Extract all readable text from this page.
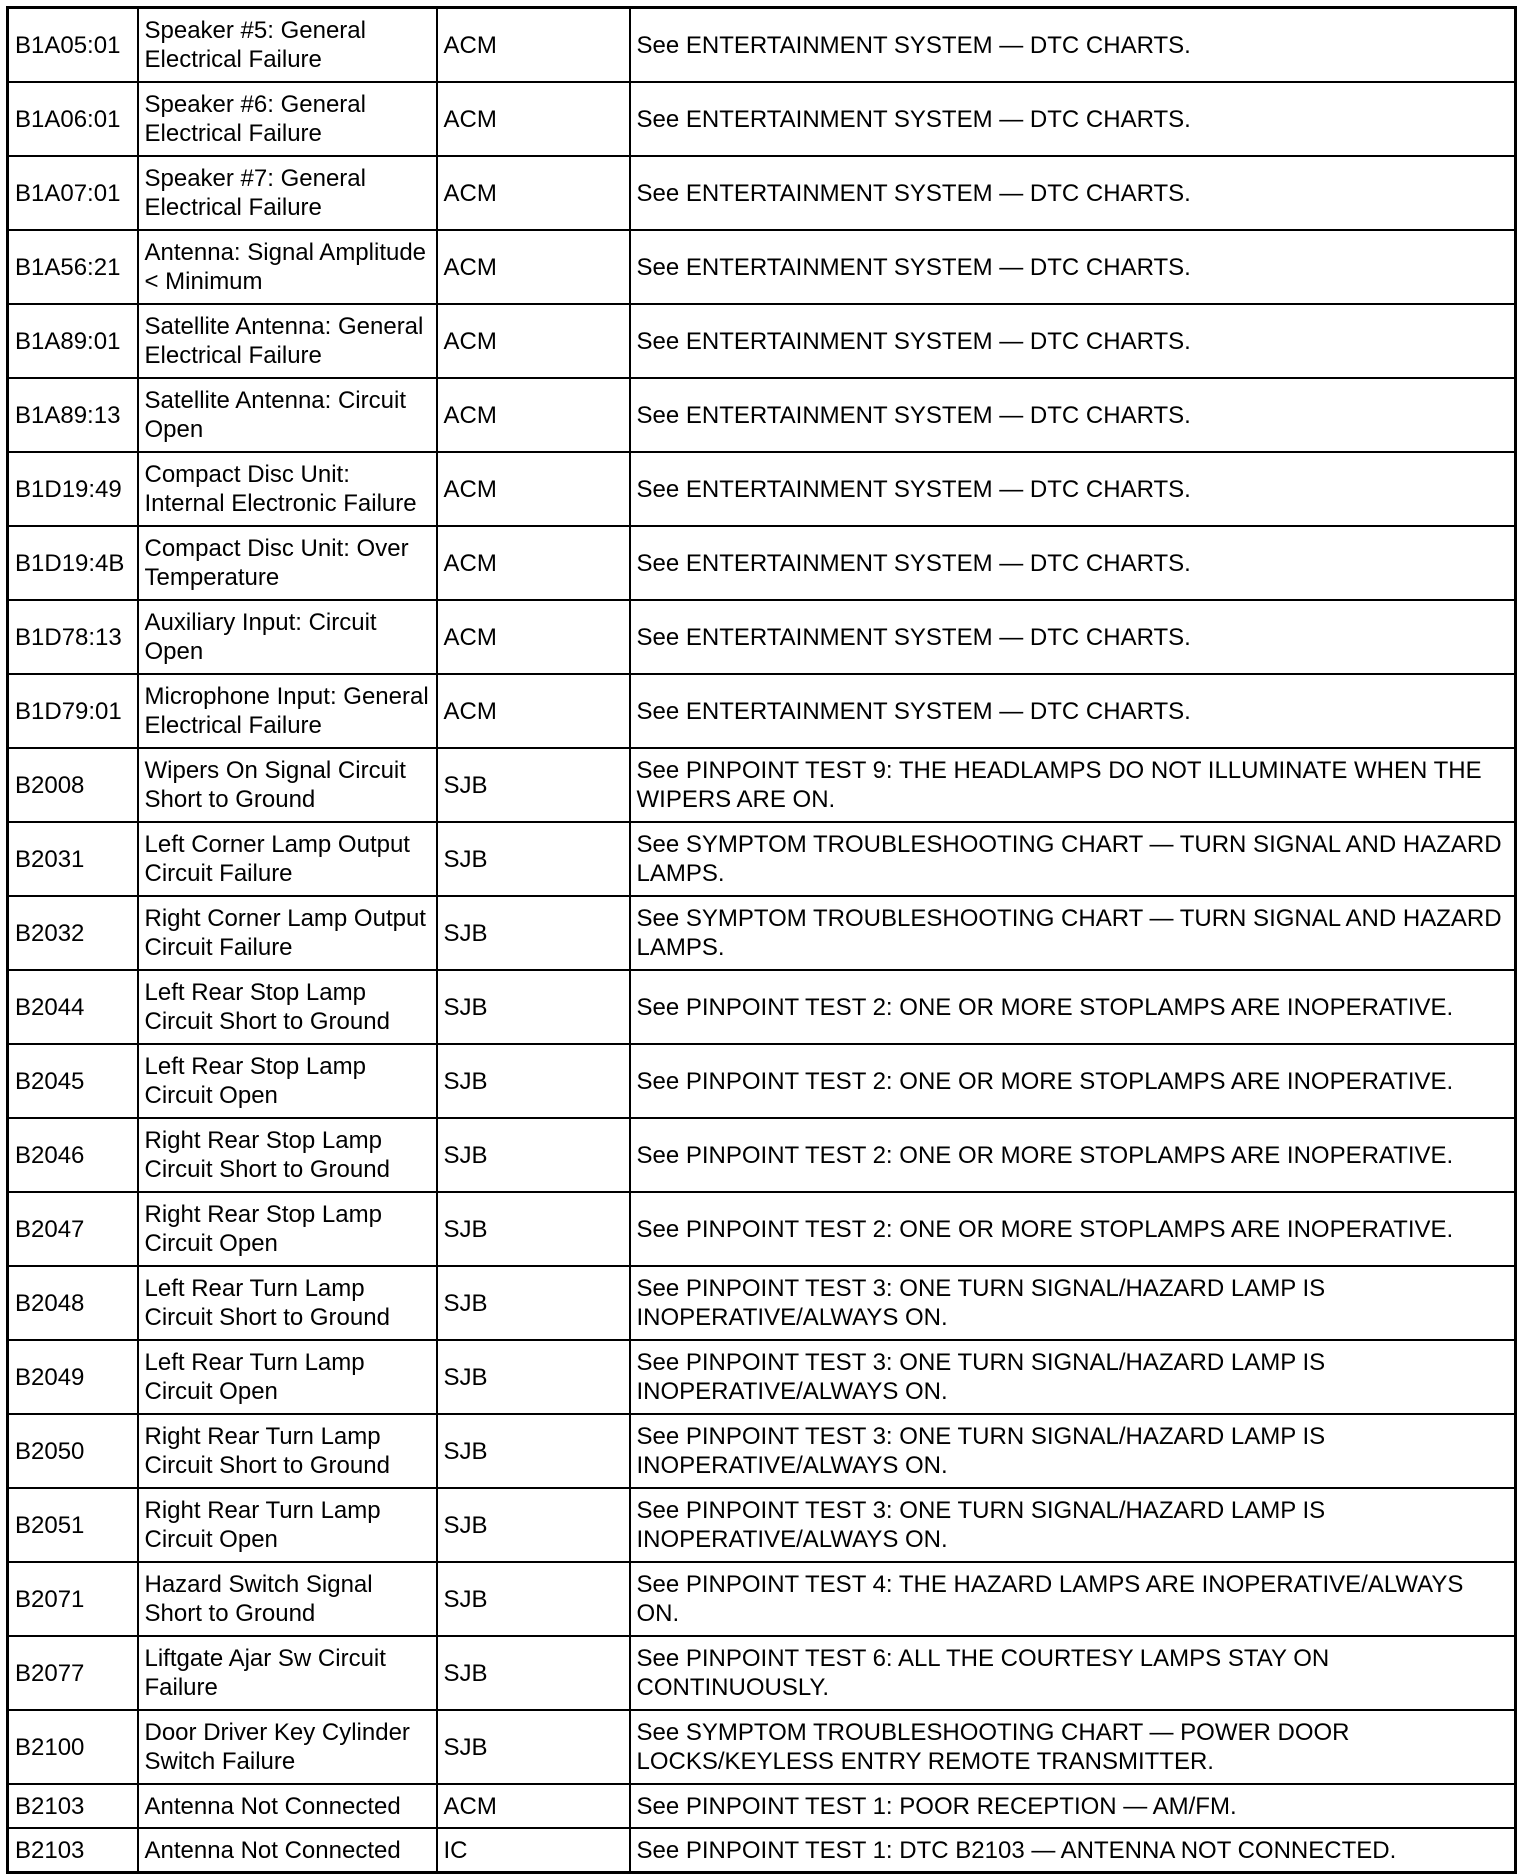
B1A05:01	Speaker #5: General Electrical Failure	ACM	See ENTERTAINMENT SYSTEM — DTC CHARTS.
B1A06:01	Speaker #6: General Electrical Failure	ACM	See ENTERTAINMENT SYSTEM — DTC CHARTS.
B1A07:01	Speaker #7: General Electrical Failure	ACM	See ENTERTAINMENT SYSTEM — DTC CHARTS.
B1A56:21	Antenna: Signal Amplitude < Minimum	ACM	See ENTERTAINMENT SYSTEM — DTC CHARTS.
B1A89:01	Satellite Antenna: General Electrical Failure	ACM	See ENTERTAINMENT SYSTEM — DTC CHARTS.
B1A89:13	Satellite Antenna: Circuit Open	ACM	See ENTERTAINMENT SYSTEM — DTC CHARTS.
B1D19:49	Compact Disc Unit: Internal Electronic Failure	ACM	See ENTERTAINMENT SYSTEM — DTC CHARTS.
B1D19:4B	Compact Disc Unit: Over Temperature	ACM	See ENTERTAINMENT SYSTEM — DTC CHARTS.
B1D78:13	Auxiliary Input: Circuit Open	ACM	See ENTERTAINMENT SYSTEM — DTC CHARTS.
B1D79:01	Microphone Input: General Electrical Failure	ACM	See ENTERTAINMENT SYSTEM — DTC CHARTS.
B2008	Wipers On Signal Circuit Short to Ground	SJB	See PINPOINT TEST 9: THE HEADLAMPS DO NOT ILLUMINATE WHEN THE WIPERS ARE ON.
B2031	Left Corner Lamp Output Circuit Failure	SJB	See SYMPTOM TROUBLESHOOTING CHART — TURN SIGNAL AND HAZARD LAMPS.
B2032	Right Corner Lamp Output Circuit Failure	SJB	See SYMPTOM TROUBLESHOOTING CHART — TURN SIGNAL AND HAZARD LAMPS.
B2044	Left Rear Stop Lamp Circuit Short to Ground	SJB	See PINPOINT TEST 2: ONE OR MORE STOPLAMPS ARE INOPERATIVE.
B2045	Left Rear Stop Lamp Circuit Open	SJB	See PINPOINT TEST 2: ONE OR MORE STOPLAMPS ARE INOPERATIVE.
B2046	Right Rear Stop Lamp Circuit Short to Ground	SJB	See PINPOINT TEST 2: ONE OR MORE STOPLAMPS ARE INOPERATIVE.
B2047	Right Rear Stop Lamp Circuit Open	SJB	See PINPOINT TEST 2: ONE OR MORE STOPLAMPS ARE INOPERATIVE.
B2048	Left Rear Turn Lamp Circuit Short to Ground	SJB	See PINPOINT TEST 3: ONE TURN SIGNAL/HAZARD LAMP IS INOPERATIVE/ALWAYS ON.
B2049	Left Rear Turn Lamp Circuit Open	SJB	See PINPOINT TEST 3: ONE TURN SIGNAL/HAZARD LAMP IS INOPERATIVE/ALWAYS ON.
B2050	Right Rear Turn Lamp Circuit Short to Ground	SJB	See PINPOINT TEST 3: ONE TURN SIGNAL/HAZARD LAMP IS INOPERATIVE/ALWAYS ON.
B2051	Right Rear Turn Lamp Circuit Open	SJB	See PINPOINT TEST 3: ONE TURN SIGNAL/HAZARD LAMP IS INOPERATIVE/ALWAYS ON.
B2071	Hazard Switch Signal Short to Ground	SJB	See PINPOINT TEST 4: THE HAZARD LAMPS ARE INOPERATIVE/ALWAYS ON.
B2077	Liftgate Ajar Sw Circuit Failure	SJB	See PINPOINT TEST 6: ALL THE COURTESY LAMPS STAY ON CONTINUOUSLY.
B2100	Door Driver Key Cylinder Switch Failure	SJB	See SYMPTOM TROUBLESHOOTING CHART — POWER DOOR LOCKS/KEYLESS ENTRY REMOTE TRANSMITTER.
B2103	Antenna Not Connected	ACM	See PINPOINT TEST 1: POOR RECEPTION — AM/FM.
B2103	Antenna Not Connected	IC	See PINPOINT TEST 1: DTC B2103 — ANTENNA NOT CONNECTED.
